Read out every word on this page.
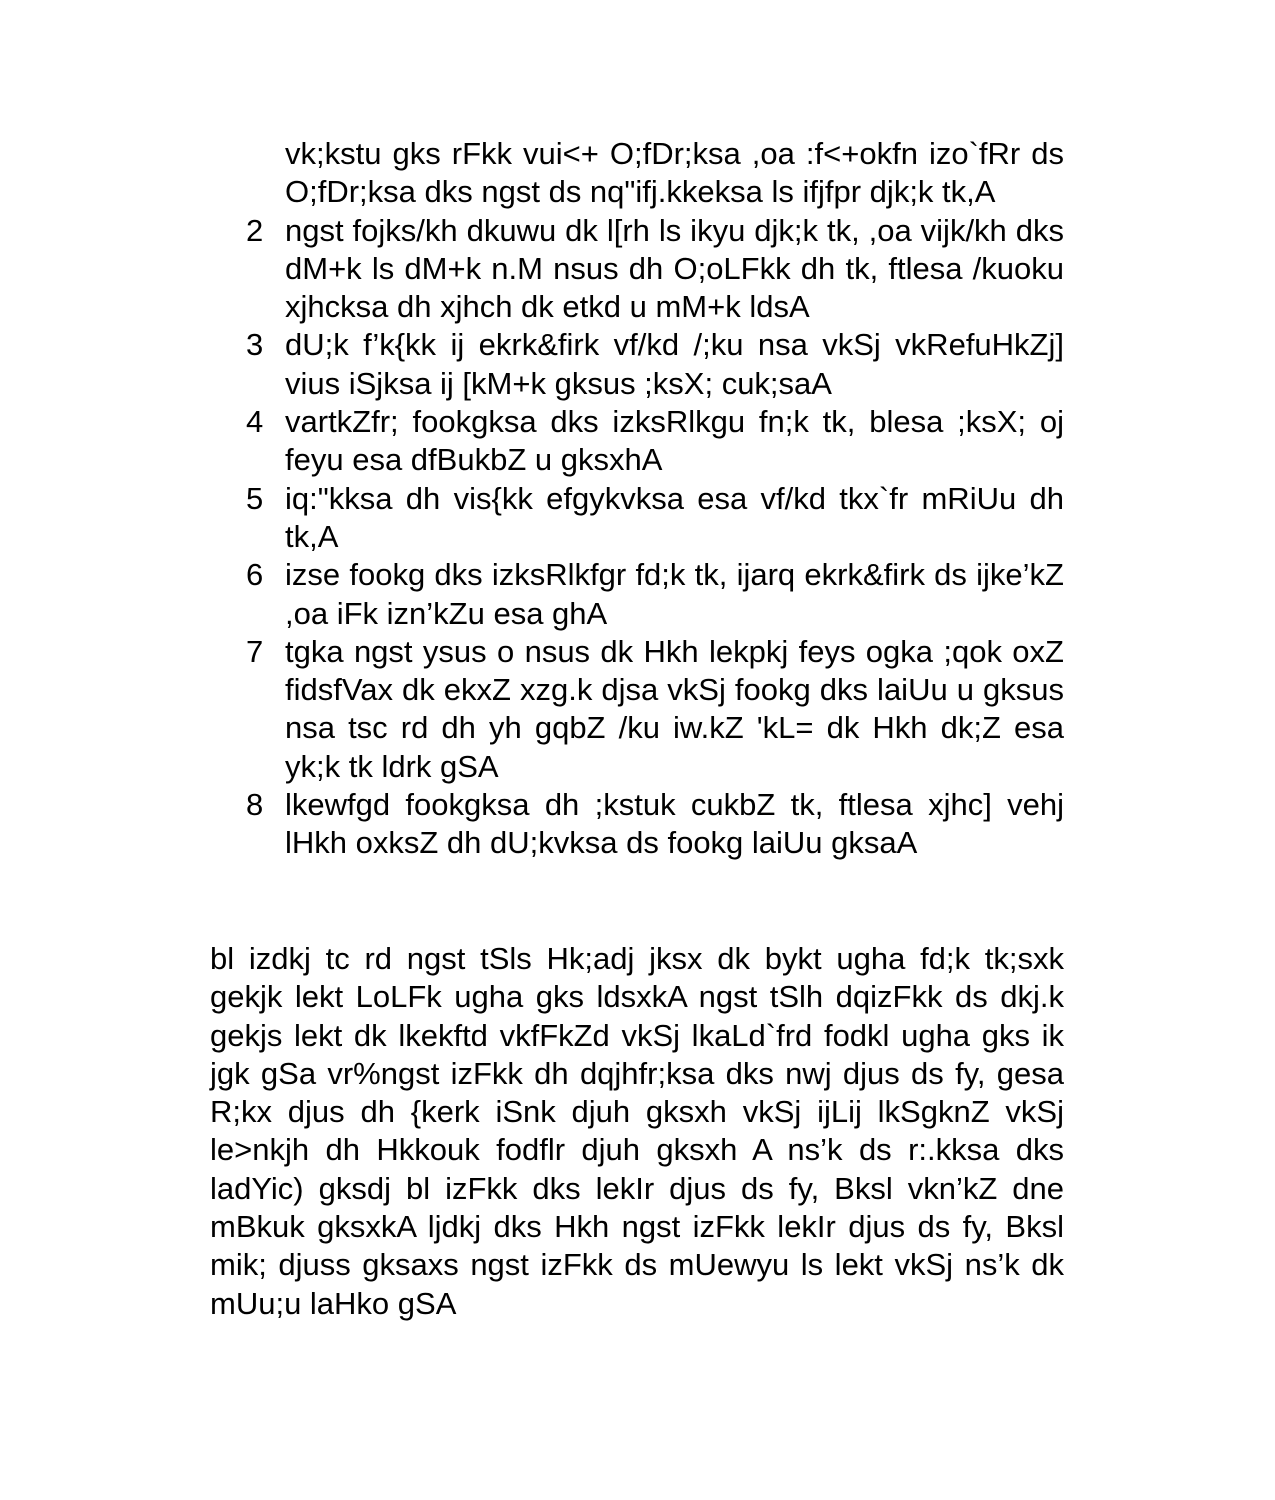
vk;kstu gks rFkk vui<+ O;fDr;ksa ,oa :f<+okfn izo`fRr ds O;fDr;ksa dks ngst ds nq"ifj.kkeksa ls ifjfpr djk;k tk,A
2 ngst fojks/kh dkuwu dk l[rh ls ikyu djk;k tk, ,oa vijk/kh dks dM+k ls dM+k n.M nsus dh O;oLFkk dh tk, ftlesa /kuoku xjhcksa dh xjhch dk etkd u mM+k ldsA
3 dU;k f’k{kk ij ekrk&firk vf/kd /;ku nsa vkSj vkRefuHkZj] vius iSjksa ij [kM+k gksus ;ksX; cuk;saA
4 vartkZfr; fookgksa dks izksRlkgu fn;k tk, blesa ;ksX; oj feyu esa dfBukbZ u gksxhA
5 iq:"kksa dh vis{kk efgykvksa esa vf/kd tkx`fr mRiUu dh tk,A
6 izse fookg dks izksRlkfgr fd;k tk, ijarq ekrk&firk ds ijke’kZ ,oa iFk izn’kZu esa ghA
7 tgka ngst ysus o nsus dk Hkh lekpkj feys ogka ;qok oxZ fidsfVax dk ekxZ xzg.k djsa vkSj fookg dks laiUu u gksus nsa tsc rd dh yh gqbZ /ku iw.kZ 'kL= dk Hkh dk;Z esa yk;k tk ldrk gSA
8 lkewfgd fookgksa dh ;kstuk cukbZ tk, ftlesa xjhc] vehj lHkh oxksZ dh dU;kvksa ds fookg laiUu gksaA
bl izdkj tc rd ngst tSls Hk;adj jksx dk bykt ugha fd;k tk;sxk gekjk lekt LoLFk ugha gks ldsxkA ngst tSlh dqizFkk ds dkj.k gekjs lekt dk lkekftd vkfFkZd vkSj lkaLd`frd fodkl ugha gks ik jgk gSa vr%ngst izFkk dh dqjhfr;ksa dks nwj djus ds fy, gesa R;kx djus dh {kerk iSnk djuh gksxh vkSj ijLij lkSgknZ vkSj le>nkjh dh Hkkouk fodflr djuh gksxh A ns’k ds r:.kksa dks ladYic) gksdj bl izFkk dks lekIr djus ds fy, Bksl vkn’kZ dne mBkuk gksxkA ljdkj dks Hkh ngst izFkk lekIr djus ds fy, Bksl mik; djuss gksaxs ngst izFkk ds mUewyu ls lekt vkSj ns’k dk mUu;u laHko gSA
